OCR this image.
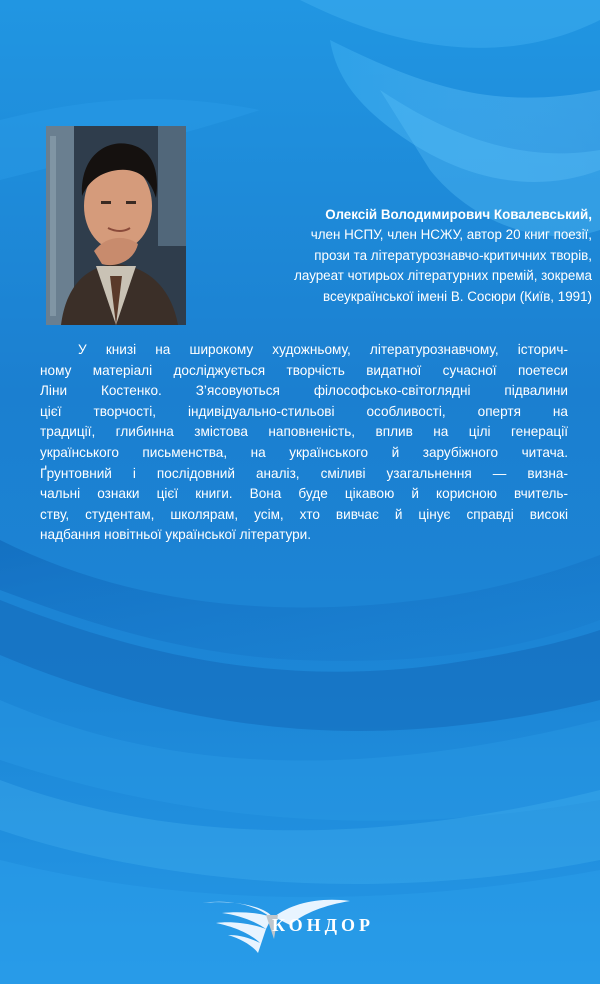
Олексій Володимирович Ковалевський,
член НСПУ, член НСЖУ, автор 20 книг поезії,
прози та літературознавчо-критичних творів,
лауреат чотирьох літературних премій, зокрема
всеукраїнської імені В. Сосюри (Київ, 1991)
У книзі на широкому художньому, літературознавчому, історич-
ному матеріалі досліджується творчість видатної сучасної поетеси
Ліни Костенко. З’ясовуються філософсько-світоглядні підвалини
цієї творчості, індивідуально-стильові особливості, опертя на
традиції, глибинна змістова наповненість, вплив на цілі генерації
українського письменства, на українського й зарубіжного читача.
Ґрунтовний і послідовний аналіз, сміливі узагальнення — визна-
чальні ознаки цієї книги. Вона буде цікавою й корисною вчитель-
ству, студентам, школярам, усім, хто вивчає й цінує справді високі
надбання новітньої української літератури.
КОНДОР
